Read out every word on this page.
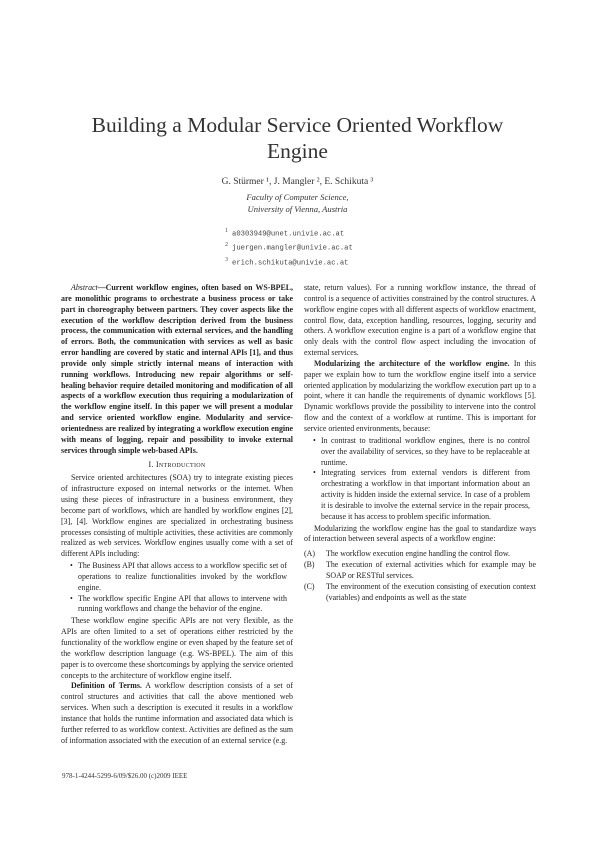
Building a Modular Service Oriented Workflow Engine
G. Stürmer ¹, J. Mangler ², E. Schikuta ³
Faculty of Computer Science,
University of Vienna, Austria
$^1$ a0303949@unet.univie.ac.at
$^2$ juergen.mangler@univie.ac.at
$^3$ erich.schikuta@univie.ac.at

Abstract—Current workflow engines, often based on WS-BPEL, are monolithic programs to orchestrate a business process or take part in choreography between partners. They cover aspects like the execution of the workflow description derived from the business process, the communication with external services, and the handling of errors. Both, the communication with services as well as basic error handling are covered by static and internal APIs [1], and thus provide only simple strictly internal means of interaction with running workflows. Introducing new repair algorithms or self-healing behavior require detailed monitoring and modification of all aspects of a workflow execution thus requiring a modularization of the workflow engine itself. In this paper we will present a modular and service oriented workflow engine. Modularity and service-orientedness are realized by integrating a workflow execution engine with means of logging, repair and possibility to invoke external services through simple web-based APIs.

I. Introduction

Service oriented architectures (SOA) try to integrate existing pieces of infrastructure exposed on internal networks or the internet. When using these pieces of infrastructure in a business environment, they become part of workflows, which are handled by workflow engines [2], [3], [4]. Workflow engines are specialized in orchestrating business processes consisting of multiple activities, these activities are commonly realized as web services. Workflow engines usually come with a set of different APIs including:

• The Business API that allows access to a workflow specific set of operations to realize functionalities invoked by the workflow engine.
• The workflow specific Engine API that allows to intervene with running workflows and change the behavior of the engine.

These workflow engine specific APIs are not very flexible, as the APIs are often limited to a set of operations either restricted by the functionality of the workflow engine or even shaped by the feature set of the workflow description language (e.g. WS-BPEL). The aim of this paper is to overcome these shortcomings by applying the service oriented concepts to the architecture of workflow engine itself.

Definition of Terms. A workflow description consists of a set of control structures and activities that call the above mentioned web services. When such a description is executed it results in a workflow instance that holds the runtime information and associated data which is further referred to as workflow context. Activities are defined as the sum of information associated with the execution of an external service (e.g.

state, return values). For a running workflow instance, the thread of control is a sequence of activities constrained by the control structures. A workflow engine copes with all different aspects of workflow enactment, control flow, data, exception handling, resources, logging, security and others. A workflow execution engine is a part of a workflow engine that only deals with the control flow aspect including the invocation of external services.

Modularizing the architecture of the workflow engine. In this paper we explain how to turn the workflow engine itself into a service oriented application by modularizing the workflow execution part up to a point, where it can handle the requirements of dynamic workflows [5]. Dynamic workflows provide the possibility to intervene into the control flow and the context of a workflow at runtime. This is important for service oriented environments, because:

• In contrast to traditional workflow engines, there is no control over the availability of services, so they have to be replaceable at runtime.
• Integrating services from external vendors is different from orchestrating a workflow in that important information about an activity is hidden inside the external service. In case of a problem it is desirable to involve the external service in the repair process, because it has access to problem specific information.

Modularizing the workflow engine has the goal to standardize ways of interaction between several aspects of a workflow engine:

(A) The workflow execution engine handling the control flow.
(B) The execution of external activities which for example may be SOAP or RESTful services.
(C) The environment of the execution consisting of execution context (variables) and endpoints as well as the state
978-1-4244-5299-6/09/$26.00 (c)2009 IEEE
